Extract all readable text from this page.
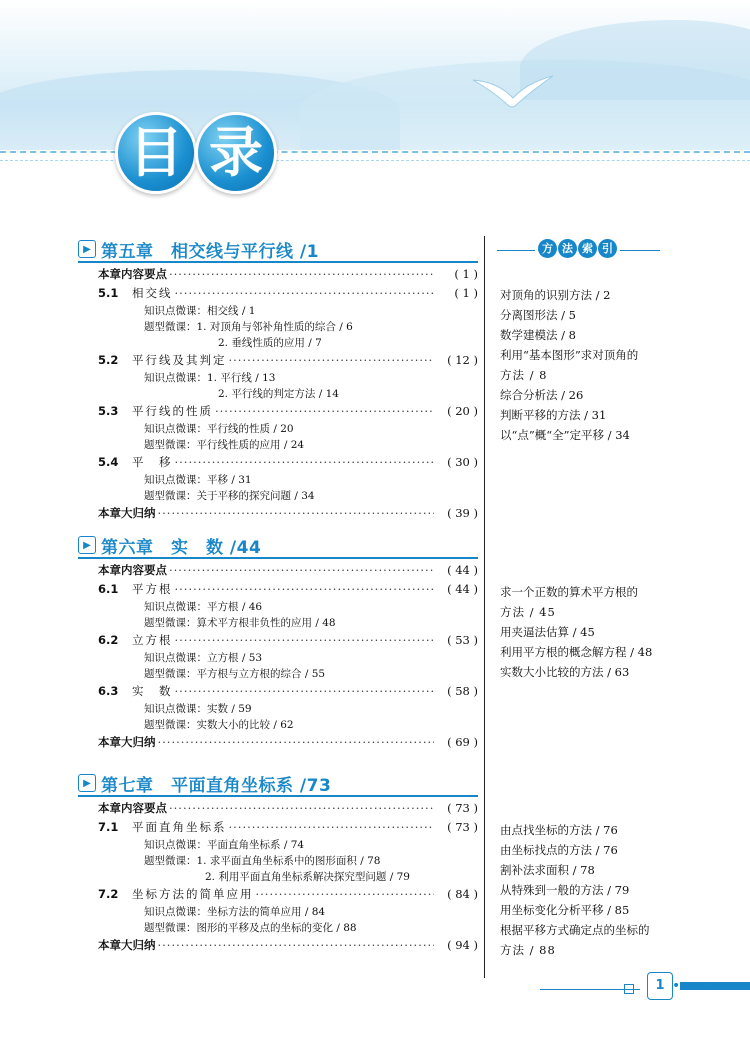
目 录
方 法 索 引
▶ 第五章　相交线与平行线 /1
本章内容要点 ·····	( 1 )
5.1	相交线 ·····	( 1 )
知识点微课：相交线 / 1
题型微课：1. 对顶角与邻补角性质的综合 / 6
2. 垂线性质的应用 / 7
5.2	平行线及其判定 ·····	( 12 )
知识点微课：1. 平行线 / 13
2. 平行线的判定方法 / 14
5.3	平行线的性质 ·····	( 20 )
知识点微课：平行线的性质 / 20
题型微课：平行线性质的应用 / 24
5.4	平　移 ·····	( 30 )
知识点微课：平移 / 31
题型微课：关于平移的探究问题 / 34
本章大归纳 ·····	( 39 )
▶ 第六章　实　数 /44
本章内容要点 ·····	( 44 )
6.1	平方根 ·····	( 44 )
知识点微课：平方根 / 46
题型微课：算术平方根非负性的应用 / 48
6.2	立方根 ·····	( 53 )
知识点微课：立方根 / 53
题型微课：平方根与立方根的综合 / 55
6.3	实　数 ·····	( 58 )
知识点微课：实数 / 59
题型微课：实数大小的比较 / 62
本章大归纳 ·····	( 69 )
▶ 第七章　平面直角坐标系 /73
本章内容要点 ·····	( 73 )
7.1	平面直角坐标系 ·····	( 73 )
知识点微课：平面直角坐标系 / 74
题型微课：1. 求平面直角坐标系中的图形面积 / 78
2. 利用平面直角坐标系解决探究型问题 / 79
7.2	坐标方法的简单应用 ·····	( 84 )
知识点微课：坐标方法的简单应用 / 84
题型微课：图形的平移及点的坐标的变化 / 88
本章大归纳 ·····	( 94 )
对顶角的识别方法 / 2
分离图形法 / 5
数学建模法 / 8
利用“基本图形”求对顶角的
方法 / 8
综合分析法 / 26
判断平移的方法 / 31
以“点”概“全”定平移 / 34
求一个正数的算术平方根的
方法 / 45
用夹逼法估算 / 45
利用平方根的概念解方程 / 48
实数大小比较的方法 / 63
由点找坐标的方法 / 76
由坐标找点的方法 / 76
割补法求面积 / 78
从特殊到一般的方法 / 79
用坐标变化分析平移 / 85
根据平移方式确定点的坐标的
方法 / 88
••••
1
